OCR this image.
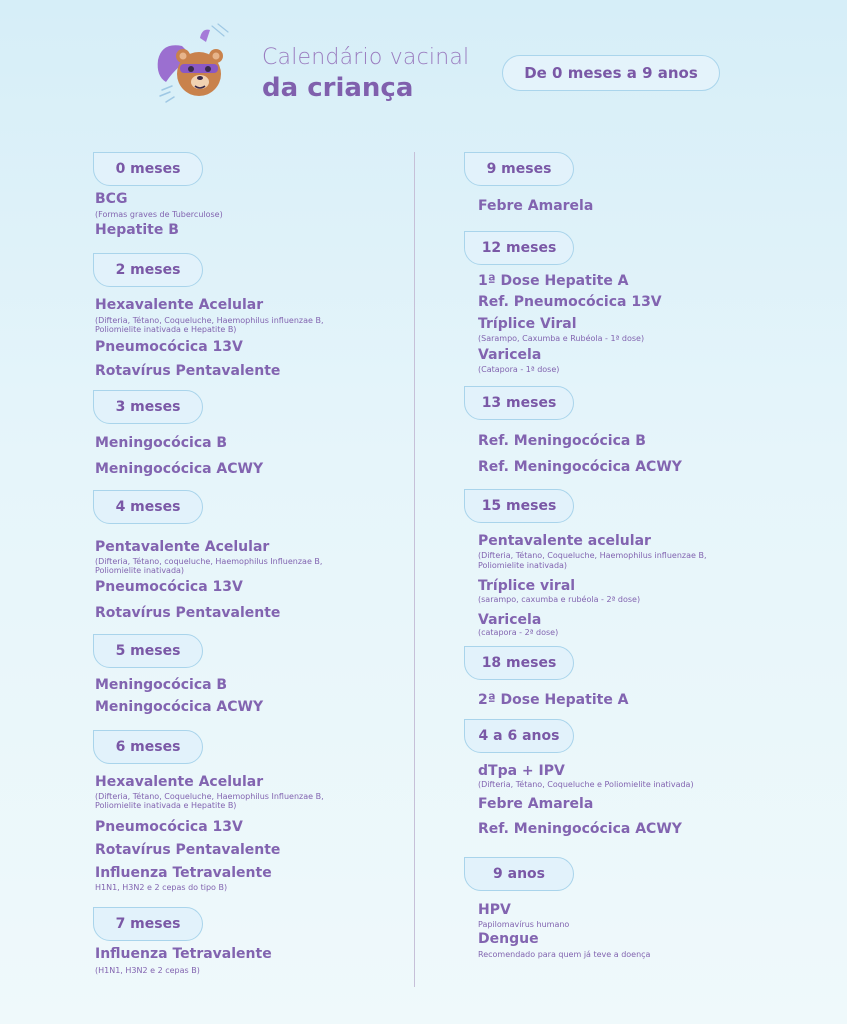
Calendário vacinal
da criança	De 0 meses a 9 anos
0 meses
BCG
(Formas graves de Tuberculose)
Hepatite B
2 meses
Hexavalente Acelular
(Difteria, Tétano, Coqueluche, Haemophilus influenzae B,
Poliomielite inativada e Hepatite B)
Pneumocócica 13V
Rotavírus Pentavalente
3 meses
Meningocócica B
Meningocócica ACWY
4 meses
Pentavalente Acelular
(Difteria, Tétano, coqueluche, Haemophilus Influenzae B,
Poliomielite inativada)
Pneumocócica 13V
Rotavírus Pentavalente
5 meses
Meningocócica B
Meningocócica ACWY
6 meses
Hexavalente Acelular
(Difteria, Tétano, Coqueluche, Haemophilus Influenzae B,
Poliomielite inativada e Hepatite B)
Pneumocócica 13V
Rotavírus Pentavalente
Influenza Tetravalente
H1N1, H3N2 e 2 cepas do tipo B)
7 meses
Influenza Tetravalente
(H1N1, H3N2 e 2 cepas B)
9 meses
Febre Amarela
12 meses
1ª Dose Hepatite A
Ref. Pneumocócica 13V
Tríplice Viral
(Sarampo, Caxumba e Rubéola - 1ª dose)
Varicela
(Catapora - 1ª dose)
13 meses
Ref. Meningocócica B
Ref. Meningocócica ACWY
15 meses
Pentavalente acelular
(Difteria, Tétano, Coqueluche, Haemophilus influenzae B,
Poliomielite inativada)
Tríplice viral
(sarampo, caxumba e rubéola - 2ª dose)
Varicela
(catapora - 2ª dose)
18 meses
2ª Dose Hepatite A
4 a 6 anos
dTpa + IPV
(Difteria, Tétano, Coqueluche e Poliomielite inativada)
Febre Amarela
Ref. Meningocócica ACWY
9 anos
HPV
Papilomavírus humano
Dengue
Recomendado para quem já teve a doença
